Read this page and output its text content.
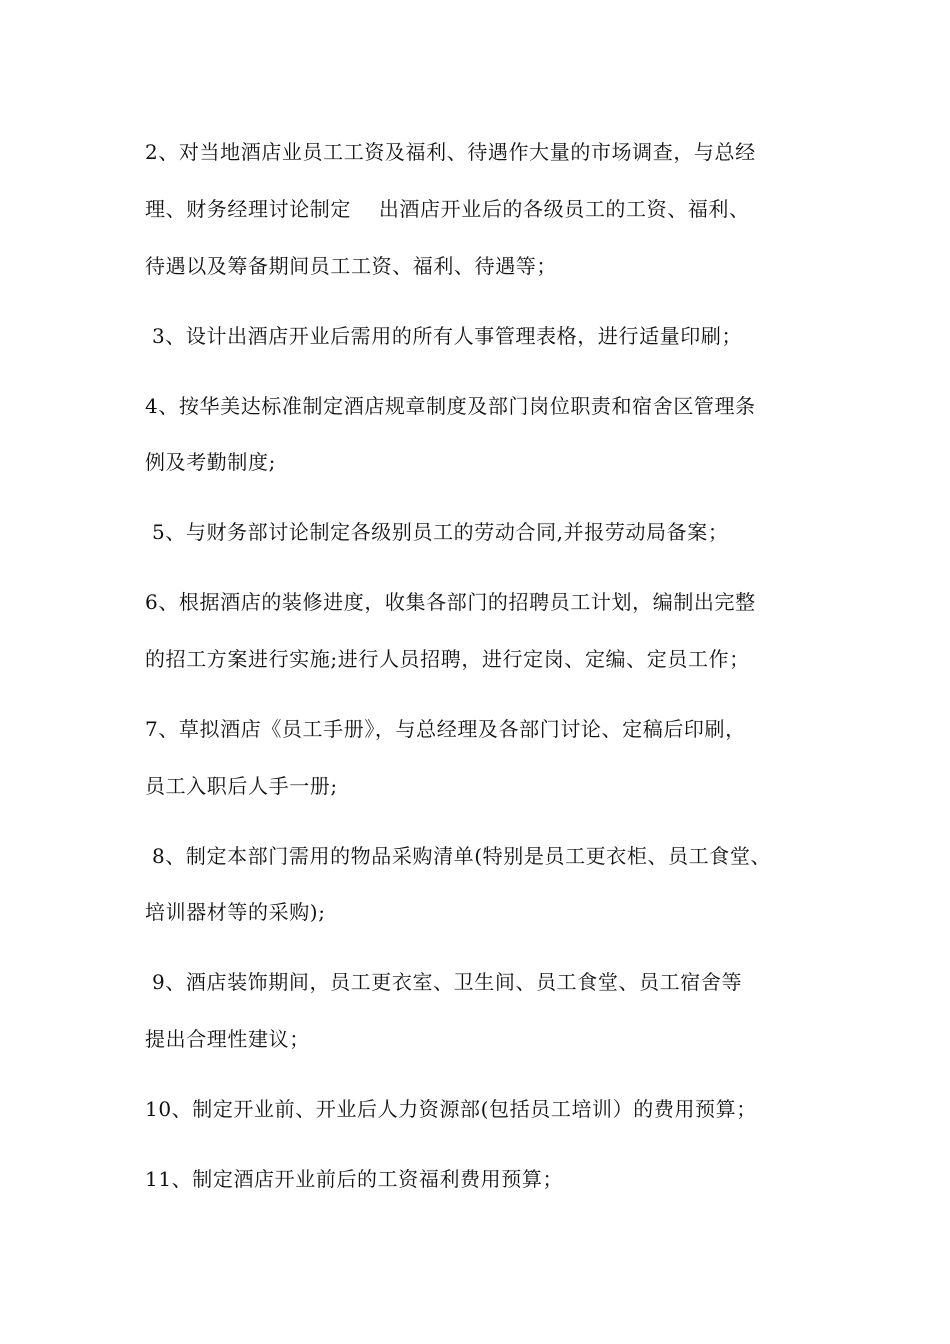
2、对当地酒店业员工工资及福利、待遇作大量的市场调查，与总经
理、财务经理讨论制定    出酒店开业后的各级员工的工资、福利、
待遇以及筹备期间员工工资、福利、待遇等；
3、设计出酒店开业后需用的所有人事管理表格，进行适量印刷；
4、按华美达标准制定酒店规章制度及部门岗位职责和宿舍区管理条
例及考勤制度;
5、与财务部讨论制定各级别员工的劳动合同,并报劳动局备案；
6、根据酒店的装修进度，收集各部门的招聘员工计划，编制出完整
的招工方案进行实施;进行人员招聘，进行定岗、定编、定员工作；
7、草拟酒店《员工手册》，与总经理及各部门讨论、定稿后印刷，
员工入职后人手一册;
8、制定本部门需用的物品采购清单(特别是员工更衣柜、员工食堂、
培训器材等的采购);
9、酒店装饰期间，员工更衣室、卫生间、员工食堂、员工宿舍等
提出合理性建议；
10、制定开业前、开业后人力资源部(包括员工培训）的费用预算；
11、制定酒店开业前后的工资福利费用预算；
